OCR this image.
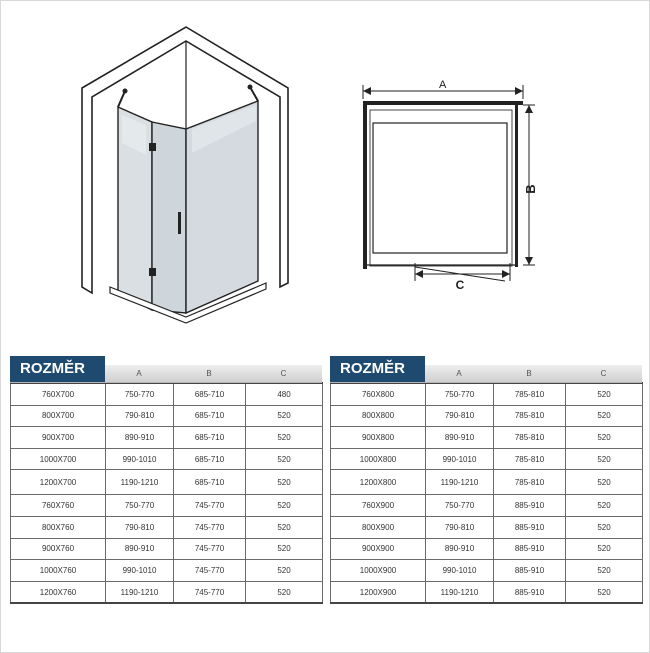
A
B
C
ROZMĚR	A	B	C
760X700	750-770	685-710	480
800X700	790-810	685-710	520
900X700	890-910	685-710	520
1000X700	990-1010	685-710	520
1200X700	1190-1210	685-710	520
760X760	750-770	745-770	520
800X760	790-810	745-770	520
900X760	890-910	745-770	520
1000X760	990-1010	745-770	520
1200X760	1190-1210	745-770	520
ROZMĚR	A	B	C
760X800	750-770	785-810	520
800X800	790-810	785-810	520
900X800	890-910	785-810	520
1000X800	990-1010	785-810	520
1200X800	1190-1210	785-810	520
760X900	750-770	885-910	520
800X900	790-810	885-910	520
900X900	890-910	885-910	520
1000X900	990-1010	885-910	520
1200X900	1190-1210	885-910	520
